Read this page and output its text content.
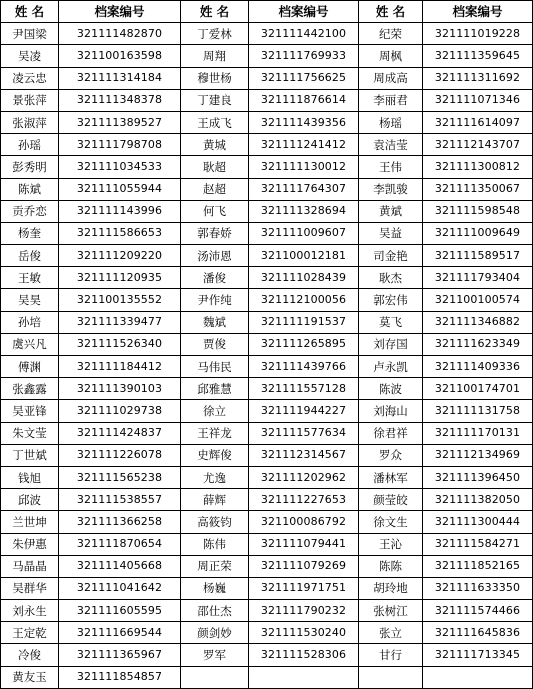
姓 名	档案编号	姓 名	档案编号	姓 名	档案编号
尹国梁	321111482870	丁爱林	321111442100	纪荣	321111019228
吴凌	321100163598	周翔	321111769933	周枫	321111359645
凌云忠	321111314184	穆世杨	321111756625	周成高	321111311692
景张萍	321111348378	丁建良	321111876614	李丽君	321111071346
张淑萍	321111389527	王成飞	321111439356	杨瑶	321111614097
孙瑶	321111798708	黄城	321111241412	袁洁莹	321112143707
彭秀明	321111034533	耿超	321111130012	王伟	321111300812
陈斌	321111055944	赵超	321111764307	李凯骏	321111350067
贡乔恋	321111143996	何飞	321111328694	黄斌	321111598548
杨奎	321111586653	郭春娇	321111009607	吴益	321111009649
岳俊	321111209220	汤沛恩	321100012181	司金艳	321111589517
王敏	321111120935	潘俊	321111028439	耿杰	321111793404
吴昊	321100135552	尹作纯	321112100056	郭宏伟	321100100574
孙培	321111339477	魏斌	321111191537	莫飞	321111346882
虞兴凡	321111526340	贾俊	321111265895	刘存国	321111623349
傅渊	321111184412	马伟民	321111439766	卢永凯	321111409336
张鑫露	321111390103	邱雅慧	321111557128	陈波	321100174701
吴亚锋	321111029738	徐立	321111944227	刘海山	321111131758
朱文莹	321111424837	王祥龙	321111577634	徐君祥	321111170131
丁世斌	321111226078	史辉俊	321112314567	罗众	321112134969
钱旭	321111565238	尤逸	321111202962	潘林军	321111396450
邱波	321111538557	薛辉	321111227653	颜莹皎	321111382050
兰世坤	321111366258	高筱钧	321100086792	徐文生	321111300444
朱伊惠	321111870654	陈伟	321111079441	王沁	321111584271
马晶晶	321111405668	周正荣	321111079269	陈陈	321111852165
吴群华	321111041642	杨巍	321111971751	胡玲地	321111633350
刘永生	321111605595	邵仕杰	321111790232	张树江	321111574466
王定乾	321111669544	颜剑妙	321111530240	张立	321111645836
冷俊	321111365967	罗军	321111528306	甘行	321111713345
黄友玉	321111854857				
